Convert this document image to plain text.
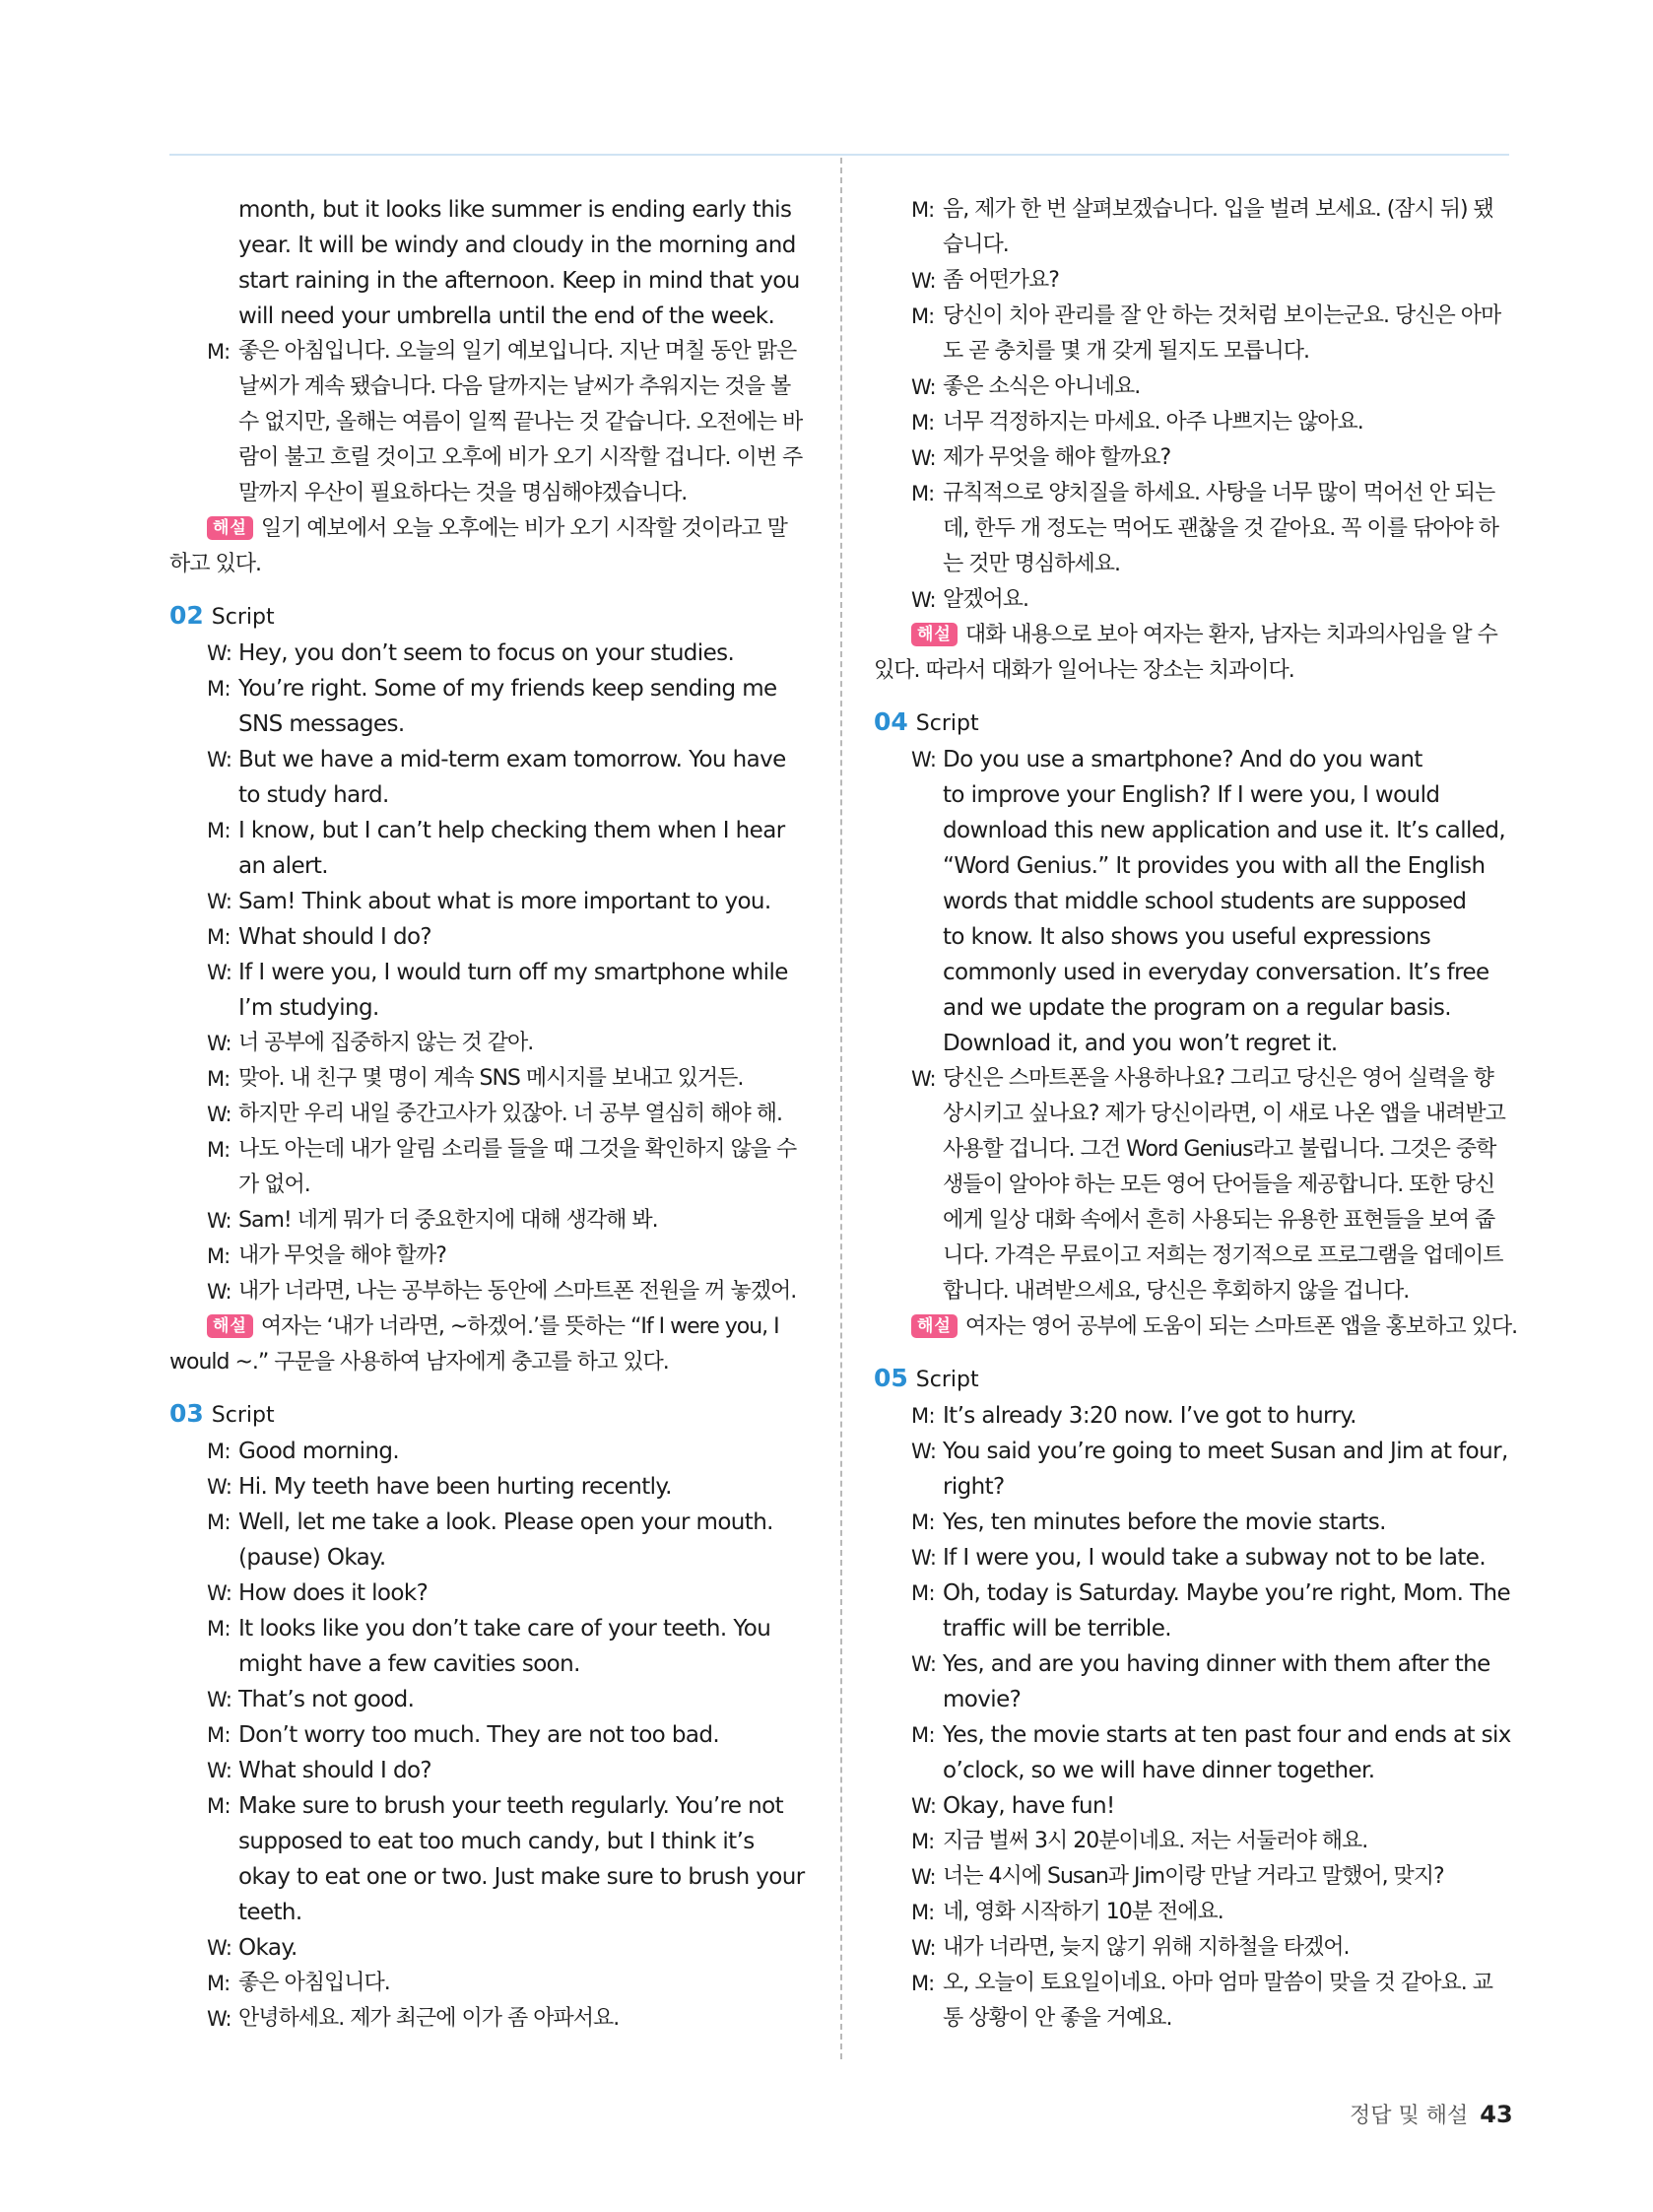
month, but it looks like summer is ending early this
year. It will be windy and cloudy in the morning and
start raining in the afternoon. Keep in mind that you
will need your umbrella until the end of the week.
M: 좋은 아침입니다. 오늘의 일기 예보입니다. 지난 며칠 동안 맑은
날씨가 계속 됐습니다. 다음 달까지는 날씨가 추워지는 것을 볼
수 없지만, 올해는 여름이 일찍 끝나는 것 같습니다. 오전에는 바
람이 불고 흐릴 것이고 오후에 비가 오기 시작할 겁니다. 이번 주
말까지 우산이 필요하다는 것을 명심해야겠습니다.
해설 일기 예보에서 오늘 오후에는 비가 오기 시작할 것이라고 말
하고 있다.
02 Script
W: Hey, you don’t seem to focus on your studies.
M: You’re right. Some of my friends keep sending me
SNS messages.
W: But we have a mid-term exam tomorrow. You have
to study hard.
M: I know, but I can’t help checking them when I hear
an alert.
W: Sam! Think about what is more important to you.
M: What should I do?
W: If I were you, I would turn off my smartphone while
I’m studying.
W: 너 공부에 집중하지 않는 것 같아.
M: 맞아. 내 친구 몇 명이 계속 SNS 메시지를 보내고 있거든.
W: 하지만 우리 내일 중간고사가 있잖아. 너 공부 열심히 해야 해.
M: 나도 아는데 내가 알림 소리를 들을 때 그것을 확인하지 않을 수
가 없어.
W: Sam! 네게 뭐가 더 중요한지에 대해 생각해 봐.
M: 내가 무엇을 해야 할까?
W: 내가 너라면, 나는 공부하는 동안에 스마트폰 전원을 꺼 놓겠어.
해설 여자는 ‘내가 너라면, ~하겠어.’를 뜻하는 “If I were you, I
would ~.” 구문을 사용하여 남자에게 충고를 하고 있다.
03 Script
M: Good morning.
W: Hi. My teeth have been hurting recently.
M: Well, let me take a look. Please open your mouth.
(pause) Okay.
W: How does it look?
M: It looks like you don’t take care of your teeth. You
might have a few cavities soon.
W: That’s not good.
M: Don’t worry too much. They are not too bad.
W: What should I do?
M: Make sure to brush your teeth regularly. You’re not
supposed to eat too much candy, but I think it’s
okay to eat one or two. Just make sure to brush your
teeth.
W: Okay.
M: 좋은 아침입니다.
W: 안녕하세요. 제가 최근에 이가 좀 아파서요.
M: 음, 제가 한 번 살펴보겠습니다. 입을 벌려 보세요. (잠시 뒤) 됐
습니다.
W: 좀 어떤가요?
M: 당신이 치아 관리를 잘 안 하는 것처럼 보이는군요. 당신은 아마
도 곧 충치를 몇 개 갖게 될지도 모릅니다.
W: 좋은 소식은 아니네요.
M: 너무 걱정하지는 마세요. 아주 나쁘지는 않아요.
W: 제가 무엇을 해야 할까요?
M: 규칙적으로 양치질을 하세요. 사탕을 너무 많이 먹어선 안 되는
데, 한두 개 정도는 먹어도 괜찮을 것 같아요. 꼭 이를 닦아야 하
는 것만 명심하세요.
W: 알겠어요.
해설 대화 내용으로 보아 여자는 환자, 남자는 치과의사임을 알 수
있다. 따라서 대화가 일어나는 장소는 치과이다.
04 Script
W: Do you use a smartphone? And do you want
to improve your English? If I were you, I would
download this new application and use it. It’s called,
“Word Genius.” It provides you with all the English
words that middle school students are supposed
to know. It also shows you useful expressions
commonly used in everyday conversation. It’s free
and we update the program on a regular basis.
Download it, and you won’t regret it.
W: 당신은 스마트폰을 사용하나요? 그리고 당신은 영어 실력을 향
상시키고 싶나요? 제가 당신이라면, 이 새로 나온 앱을 내려받고
사용할 겁니다. 그건 Word Genius라고 불립니다. 그것은 중학
생들이 알아야 하는 모든 영어 단어들을 제공합니다. 또한 당신
에게 일상 대화 속에서 흔히 사용되는 유용한 표현들을 보여 줍
니다. 가격은 무료이고 저희는 정기적으로 프로그램을 업데이트
합니다. 내려받으세요, 당신은 후회하지 않을 겁니다.
해설 여자는 영어 공부에 도움이 되는 스마트폰 앱을 홍보하고 있다.
05 Script
M: It’s already 3:20 now. I’ve got to hurry.
W: You said you’re going to meet Susan and Jim at four,
right?
M: Yes, ten minutes before the movie starts.
W: If I were you, I would take a subway not to be late.
M: Oh, today is Saturday. Maybe you’re right, Mom. The
traffic will be terrible.
W: Yes, and are you having dinner with them after the
movie?
M: Yes, the movie starts at ten past four and ends at six
o’clock, so we will have dinner together.
W: Okay, have fun!
M: 지금 벌써 3시 20분이네요. 저는 서둘러야 해요.
W: 너는 4시에 Susan과 Jim이랑 만날 거라고 말했어, 맞지?
M: 네, 영화 시작하기 10분 전에요.
W: 내가 너라면, 늦지 않기 위해 지하철을 타겠어.
M: 오, 오늘이 토요일이네요. 아마 엄마 말씀이 맞을 것 같아요. 교
통 상황이 안 좋을 거예요.
정답 및 해설 43
